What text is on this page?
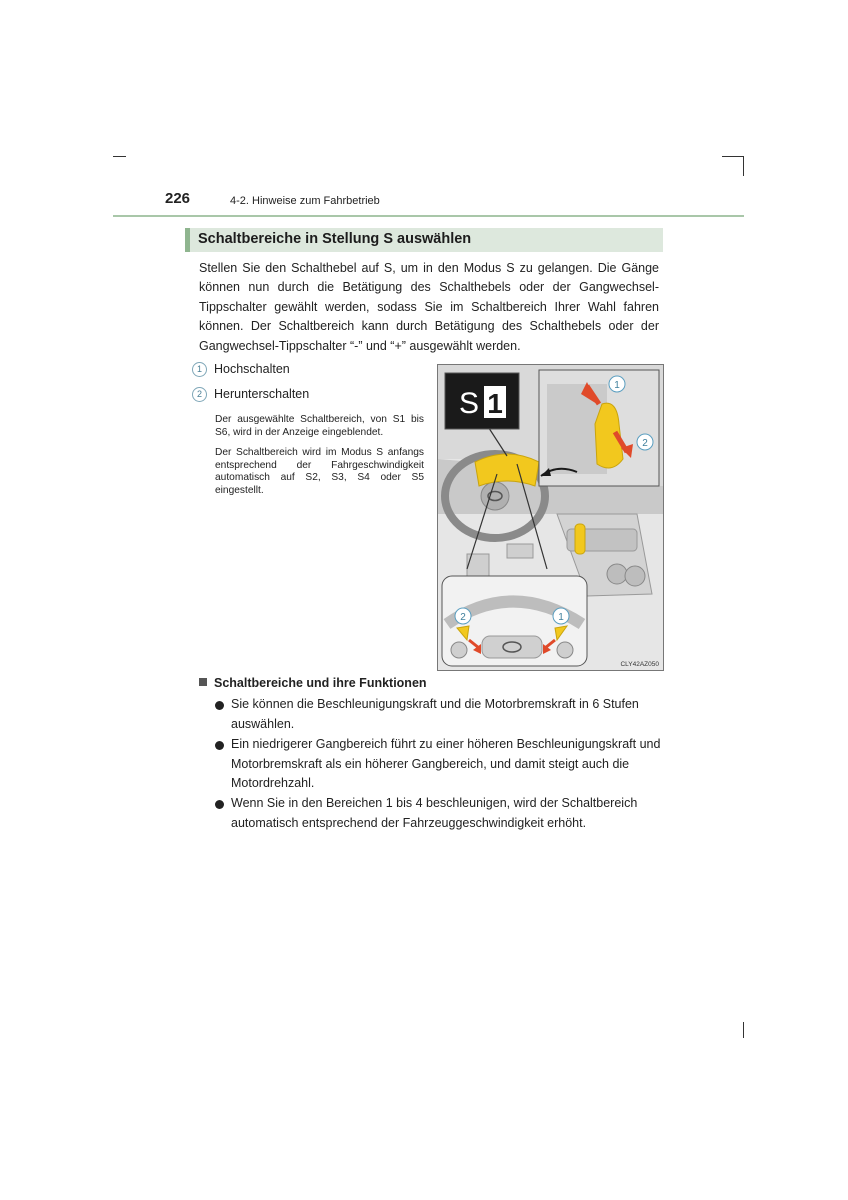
226	4-2. Hinweise zum Fahrbetrieb
Schaltbereiche in Stellung S auswählen
Stellen Sie den Schalthebel auf S, um in den Modus S zu gelangen. Die Gänge können nun durch die Betätigung des Schalthebels oder der Gangwechsel-Tippschalter gewählt werden, sodass Sie im Schaltbereich Ihrer Wahl fahren können. Der Schaltbereich kann durch Betätigung des Schalthebels oder der Gangwechsel-Tippschalter “-” und “+” ausgewählt werden.
1 Hochschalten
2 Herunterschalten
Der ausgewählte Schaltbereich, von S1 bis S6, wird in der Anzeige eingeblendet.
Der Schaltbereich wird im Modus S anfangs entsprechend der Fahrgeschwindigkeit automatisch auf S2, S3, S4 oder S5 eingestellt.
S 1
1
2
2	1
CLY42AZ050
Schaltbereiche und ihre Funktionen
Sie können die Beschleunigungskraft und die Motorbremskraft in 6 Stufen auswählen.
Ein niedrigerer Gangbereich führt zu einer höheren Beschleunigungskraft und Motorbremskraft als ein höherer Gangbereich, und damit steigt auch die Motordrehzahl.
Wenn Sie in den Bereichen 1 bis 4 beschleunigen, wird der Schaltbereich automatisch entsprechend der Fahrzeuggeschwindigkeit erhöht.
